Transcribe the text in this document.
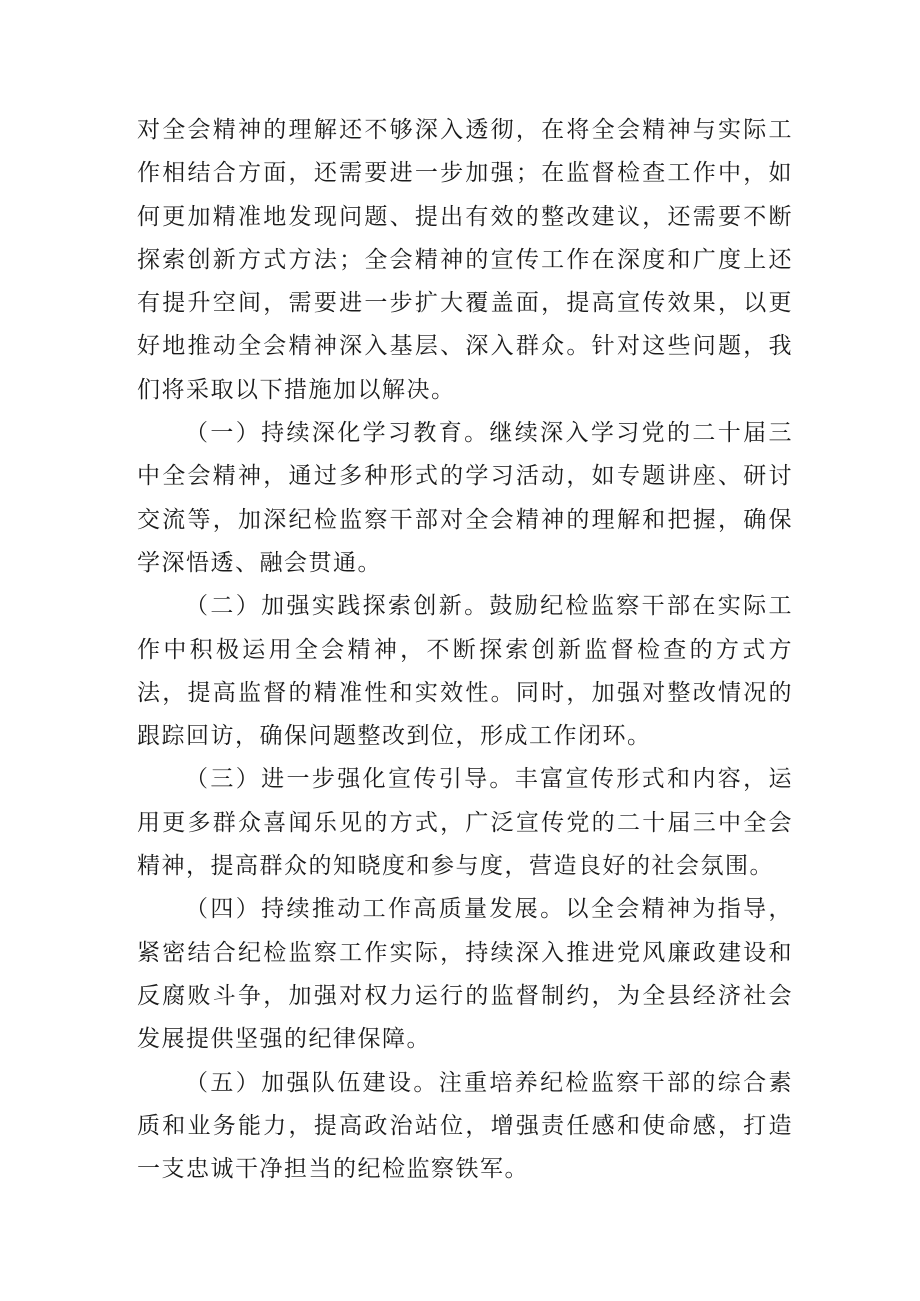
对全会精神的理解还不够深入透彻，在将全会精神与实际工作相结合方面，还需要进一步加强；在监督检查工作中，如何更加精准地发现问题、提出有效的整改建议，还需要不断探索创新方式方法；全会精神的宣传工作在深度和广度上还有提升空间，需要进一步扩大覆盖面，提高宣传效果，以更好地推动全会精神深入基层、深入群众。针对这些问题，我们将采取以下措施加以解决。

（一）持续深化学习教育。继续深入学习党的二十届三中全会精神，通过多种形式的学习活动，如专题讲座、研讨交流等，加深纪检监察干部对全会精神的理解和把握，确保学深悟透、融会贯通。

（二）加强实践探索创新。鼓励纪检监察干部在实际工作中积极运用全会精神，不断探索创新监督检查的方式方法，提高监督的精准性和实效性。同时，加强对整改情况的跟踪回访，确保问题整改到位，形成工作闭环。

（三）进一步强化宣传引导。丰富宣传形式和内容，运用更多群众喜闻乐见的方式，广泛宣传党的二十届三中全会精神，提高群众的知晓度和参与度，营造良好的社会氛围。

（四）持续推动工作高质量发展。以全会精神为指导，紧密结合纪检监察工作实际，持续深入推进党风廉政建设和反腐败斗争，加强对权力运行的监督制约，为全县经济社会发展提供坚强的纪律保障。

（五）加强队伍建设。注重培养纪检监察干部的综合素质和业务能力，提高政治站位，增强责任感和使命感，打造一支忠诚干净担当的纪检监察铁军。
